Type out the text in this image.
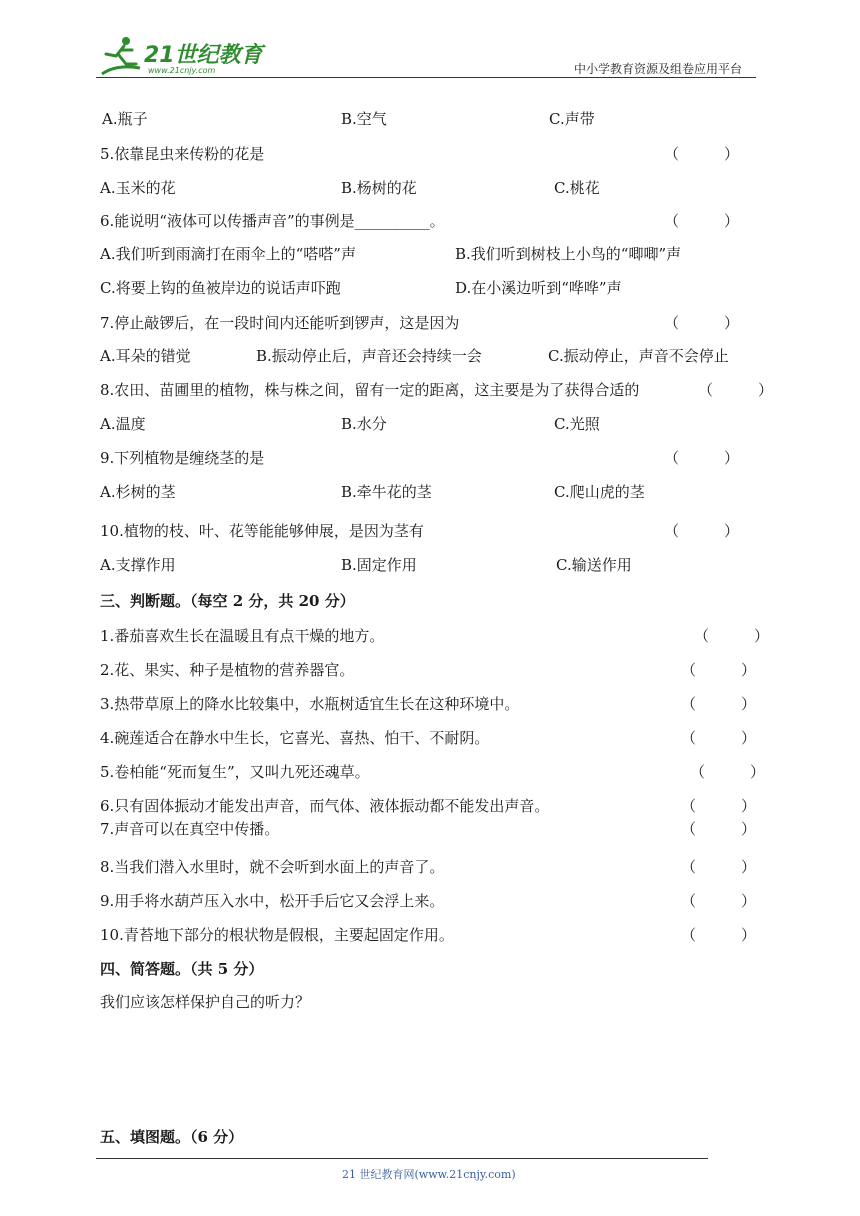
21世纪教育
www.21cnjy.com	中小学教育资源及组卷应用平台
A.瓶子	B.空气	C.声带
5.依靠昆虫来传粉的花是	（　　　）
A.玉米的花	B.杨树的花	C.桃花
6.能说明“液体可以传播声音”的事例是__________。	（　　　）
A.我们听到雨滴打在雨伞上的“嗒嗒”声	B.我们听到树枝上小鸟的“唧唧”声
C.将要上钩的鱼被岸边的说话声吓跑	D.在小溪边听到“哗哗”声
7.停止敲锣后，在一段时间内还能听到锣声，这是因为	（　　　）
A.耳朵的错觉	B.振动停止后，声音还会持续一会	C.振动停止，声音不会停止
8.农田、苗圃里的植物，株与株之间，留有一定的距离，这主要是为了获得合适的	（　　　）
A.温度	B.水分	C.光照
9.下列植物是缠绕茎的是	（　　　）
A.杉树的茎	B.牵牛花的茎	C.爬山虎的茎
10.植物的枝、叶、花等能能够伸展，是因为茎有	（　　　）
A.支撑作用	B.固定作用	C.输送作用
三、判断题。（每空 2 分，共 20 分）
1.番茄喜欢生长在温暖且有点干燥的地方。	（　　　）
2.花、果实、种子是植物的营养器官。	（　　　）
3.热带草原上的降水比较集中，水瓶树适宜生长在这种环境中。	（　　　）
4.碗莲适合在静水中生长，它喜光、喜热、怕干、不耐阴。	（　　　）
5.卷柏能“死而复生”，又叫九死还魂草。	（　　　）
6.只有固体振动才能发出声音，而气体、液体振动都不能发出声音。	（　　　）
7.声音可以在真空中传播。	（　　　）
8.当我们潜入水里时，就不会听到水面上的声音了。	（　　　）
9.用手将水葫芦压入水中，松开手后它又会浮上来。	（　　　）
10.青苔地下部分的根状物是假根，主要起固定作用。	（　　　）
四、简答题。（共 5 分）
我们应该怎样保护自己的听力？
五、填图题。（6 分）
21 世纪教育网(www.21cnjy.com)
